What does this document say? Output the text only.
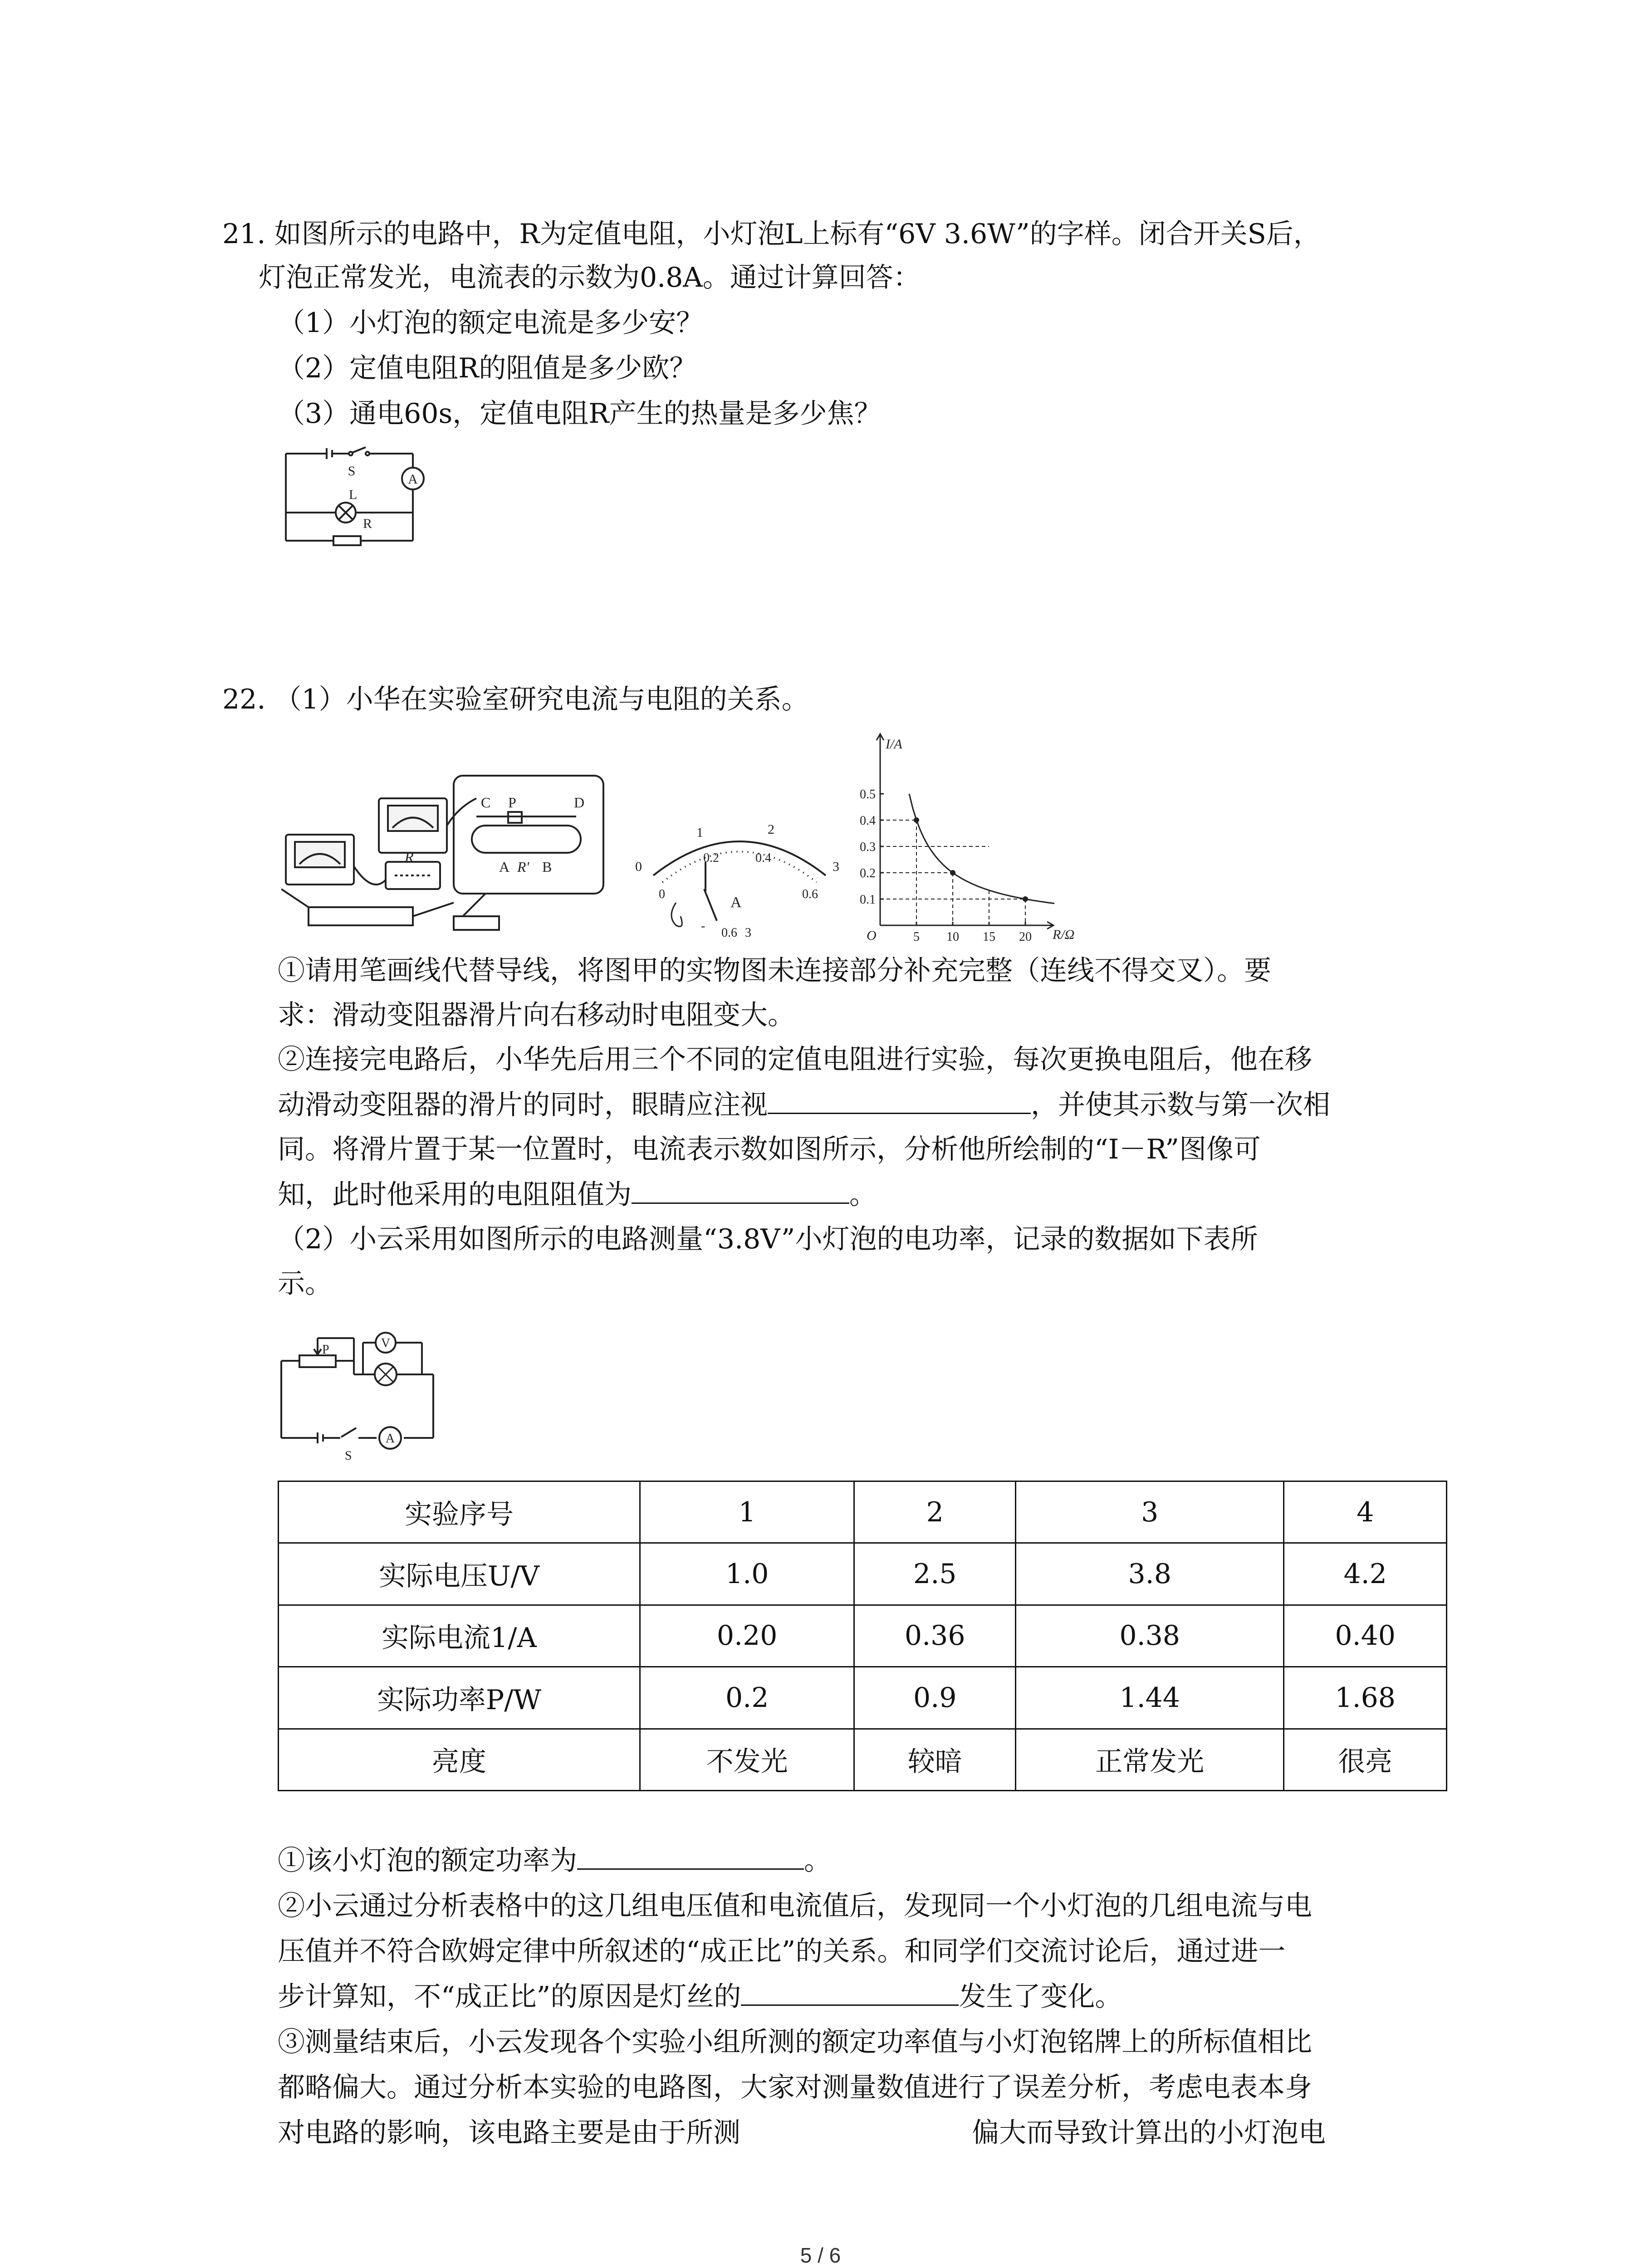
21. 如图所示的电路中，R为定值电阻，小灯泡L上标有“6V 3.6W”的字样。闭合开关S后，
灯泡正常发光，电流表的示数为0.8A。通过计算回答：
（1）小灯泡的额定电流是多少安？
（2）定值电阻R的阻值是多少欧？
（3）通电60s，定值电阻R产生的热量是多少焦？
A
S
L
R
22. （1）小华在实验室研究电流与电阻的关系。
C P	D
A R' B
R
0
1	2
3
0
0.2	0.4
0.6
A
- 0.6 3
0.1
0.2
0.3
0.4
0.5
5 10 15 20
I/A
R/Ω
O
①请用笔画线代替导线，将图甲的实物图未连接部分补充完整（连线不得交叉）。要
求：滑动变阻器滑片向右移动时电阻变大。
②连接完电路后，小华先后用三个不同的定值电阻进行实验，每次更换电阻后，他在移
动滑动变阻器的滑片的同时，眼睛应注视	，并使其示数与第一次相
同。将滑片置于某一位置时，电流表示数如图所示，分析他所绘制的“I－R”图像可
知，此时他采用的电阻阻值为	。
（2）小云采用如图所示的电路测量“3.8V”小灯泡的电功率，记录的数据如下表所
示。
P	V
S
A
实验序号	1	2	3	4
实际电压U/V	1.0	2.5	3.8	4.2
实际电流1/A	0.20	0.36	0.38	0.40
实际功率P/W	0.2	0.9	1.44	1.68
亮度	不发光	较暗	正常发光	很亮
①该小灯泡的额定功率为	。
②小云通过分析表格中的这几组电压值和电流值后，发现同一个小灯泡的几组电流与电
压值并不符合欧姆定律中所叙述的“成正比”的关系。和同学们交流讨论后，通过进一
步计算知，不“成正比”的原因是灯丝的	发生了变化。
③测量结束后，小云发现各个实验小组所测的额定功率值与小灯泡铭牌上的所标值相比
都略偏大。通过分析本实验的电路图，大家对测量数值进行了误差分析，考虑电表本身
对电路的影响，该电路主要是由于所测	偏大而导致计算出的小灯泡电
5 / 6
